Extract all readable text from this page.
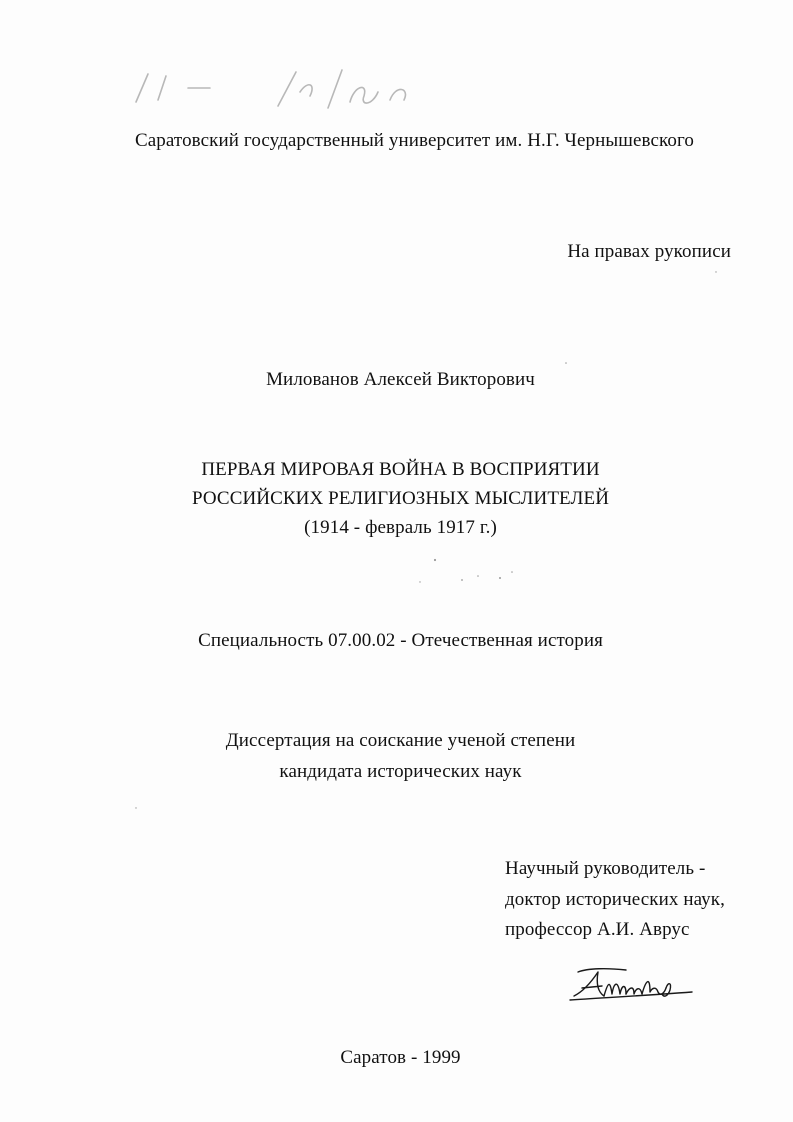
Саратовский государственный университет им. Н.Г. Чернышевского
На правах рукописи
Милованов Алексей Викторович
ПЕРВАЯ МИРОВАЯ ВОЙНА В ВОСПРИЯТИИ
РОССИЙСКИХ РЕЛИГИОЗНЫХ МЫСЛИТЕЛЕЙ
(1914 - февраль 1917 г.)
Специальность 07.00.02 - Отечественная история
Диссертация на соискание ученой степени
кандидата исторических наук
Научный руководитель -
доктор исторических наук,
профессор А.И. Аврус
Саратов - 1999
